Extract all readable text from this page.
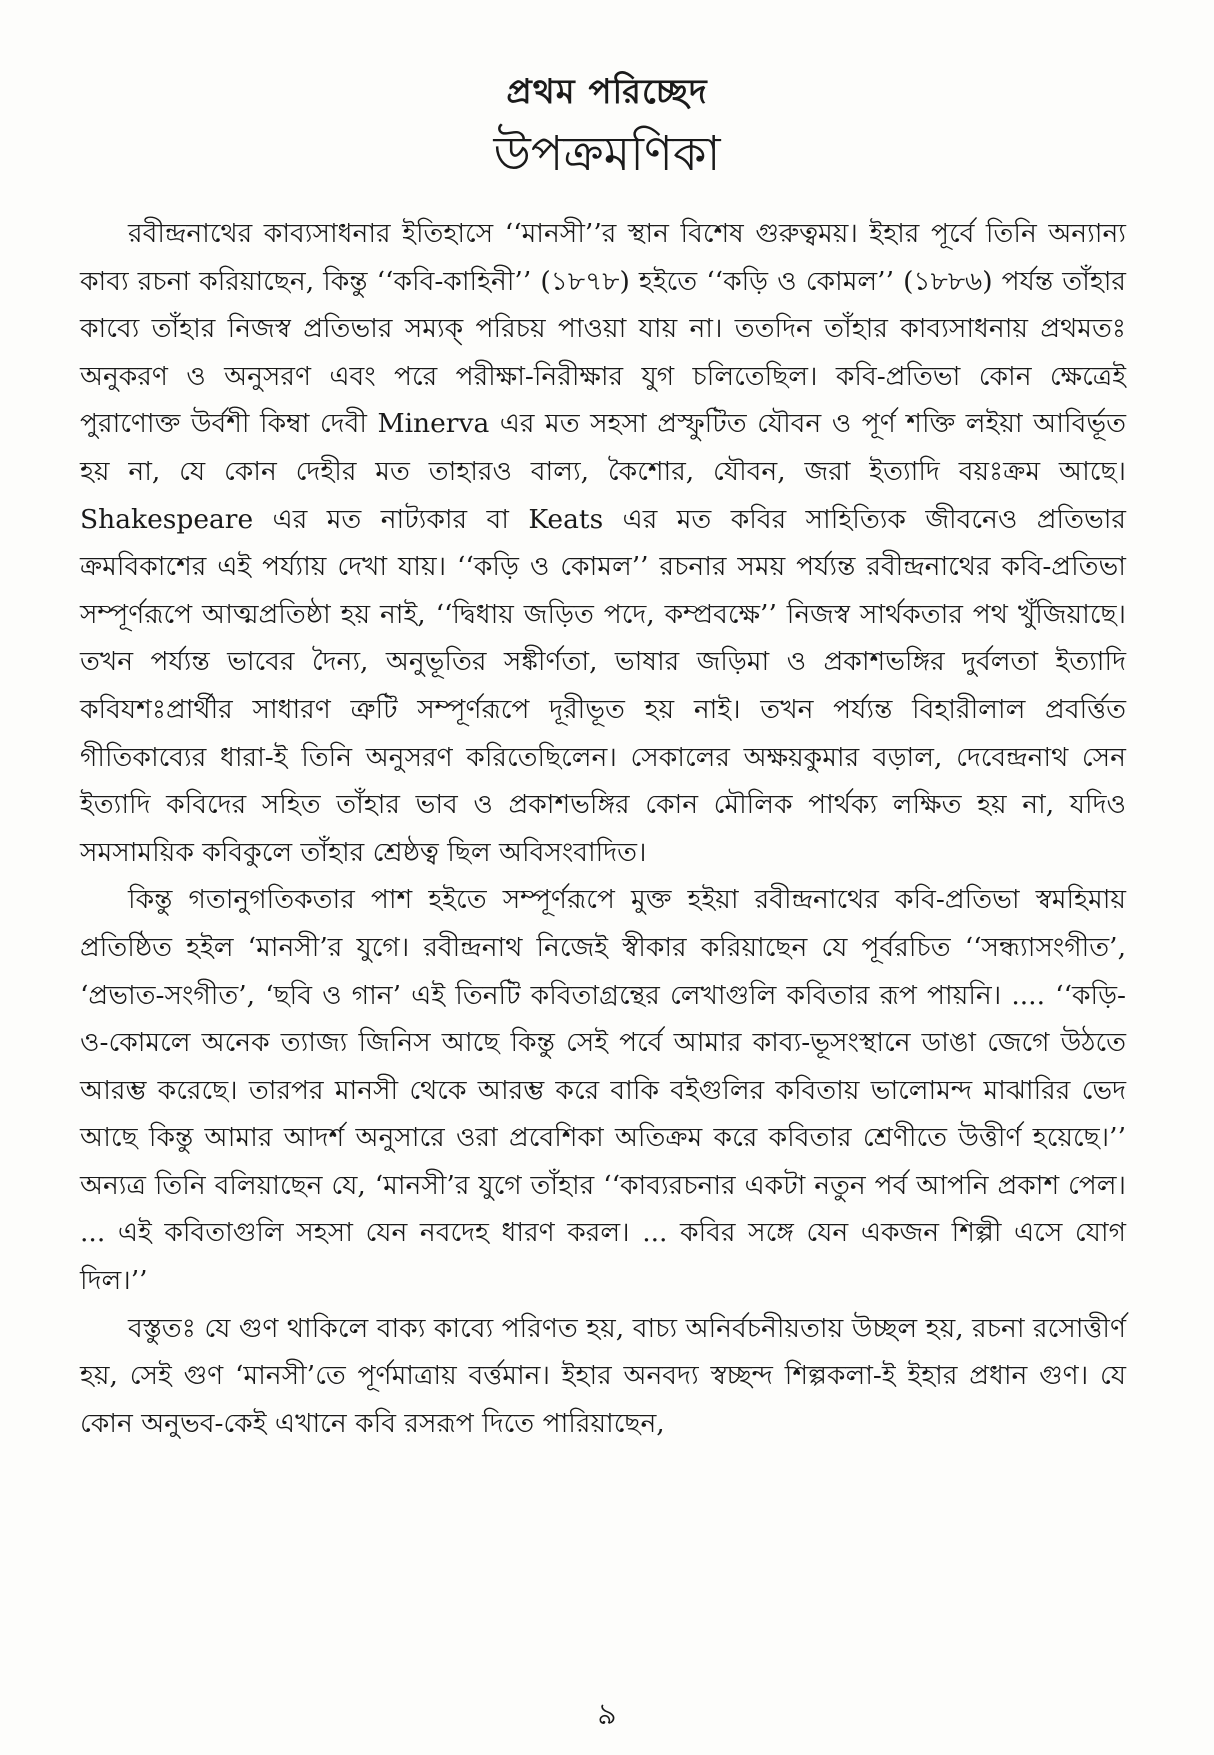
প্রথম পরিচ্ছেদ
উপক্রমণিকা

রবীন্দ্রনাথের কাব্যসাধনার ইতিহাসে ‘‘মানসী’’র স্থান বিশেষ গুরুত্বময়। ইহার পূর্বে তিনি অন্যান্য কাব্য রচনা করিয়াছেন, কিন্তু ‘‘কবি-কাহিনী’’ (১৮৭৮) হইতে ‘‘কড়ি ও কোমল’’ (১৮৮৬) পর্যন্ত তাঁহার কাব্যে তাঁহার নিজস্ব প্রতিভার সম্যক্ পরিচয় পাওয়া যায় না। ততদিন তাঁহার কাব্যসাধনায় প্রথমতঃ অনুকরণ ও অনুসরণ এবং পরে পরীক্ষা-নিরীক্ষার যুগ চলিতেছিল। কবি-প্রতিভা কোন ক্ষেত্রেই পুরাণোক্ত উর্বশী কিম্বা দেবী Minerva এর মত সহসা প্রস্ফুটিত যৌবন ও পূর্ণ শক্তি লইয়া আবির্ভূত হয় না, যে কোন দেহীর মত তাহারও বাল্য, কৈশোর, যৌবন, জরা ইত্যাদি বয়ঃক্রম আছে। Shakespeare এর মত নাট্যকার বা Keats এর মত কবির সাহিত্যিক জীবনেও প্রতিভার ক্রমবিকাশের এই পর্য্যায় দেখা যায়। ‘‘কড়ি ও কোমল’’ রচনার সময় পর্য্যন্ত রবীন্দ্রনাথের কবি-প্রতিভা সম্পূর্ণরূপে আত্মপ্রতিষ্ঠা হয় নাই, ‘‘দ্বিধায় জড়িত পদে, কম্প্রবক্ষে’’ নিজস্ব সার্থকতার পথ খুঁজিয়াছে। তখন পর্য্যন্ত ভাবের দৈন্য, অনুভূতির সঙ্কীর্ণতা, ভাষার জড়িমা ও প্রকাশভঙ্গির দুর্বলতা ইত্যাদি কবিযশঃপ্রার্থীর সাধারণ ত্রুটি সম্পূর্ণরূপে দূরীভূত হয় নাই। তখন পর্য্যন্ত বিহারীলাল প্রবর্ত্তিত গীতিকাব্যের ধারা-ই তিনি অনুসরণ করিতেছিলেন। সেকালের অক্ষয়কুমার বড়াল, দেবেন্দ্রনাথ সেন ইত্যাদি কবিদের সহিত তাঁহার ভাব ও প্রকাশভঙ্গির কোন মৌলিক পার্থক্য লক্ষিত হয় না, যদিও সমসাময়িক কবিকুলে তাঁহার শ্রেষ্ঠত্ব ছিল অবিসংবাদিত।

কিন্তু গতানুগতিকতার পাশ হইতে সম্পূর্ণরূপে মুক্ত হইয়া রবীন্দ্রনাথের কবি-প্রতিভা স্বমহিমায় প্রতিষ্ঠিত হইল ‘মানসী’র যুগে। রবীন্দ্রনাথ নিজেই স্বীকার করিয়াছেন যে পূর্বরচিত ‘‘সন্ধ্যাসংগীত’, ‘প্রভাত-সংগীত’, ‘ছবি ও গান’ এই তিনটি কবিতাগ্রন্থের লেখাগুলি কবিতার রূপ পায়নি। .... ‘‘কড়ি-ও-কোমলে অনেক ত্যাজ্য জিনিস আছে কিন্তু সেই পর্বে আমার কাব্য-ভূসংস্থানে ডাঙা জেগে উঠতে আরম্ভ করেছে। তারপর মানসী থেকে আরম্ভ করে বাকি বইগুলির কবিতায় ভালোমন্দ মাঝারির ভেদ আছে কিন্তু আমার আদর্শ অনুসারে ওরা প্রবেশিকা অতিক্রম করে কবিতার শ্রেণীতে উত্তীর্ণ হয়েছে।’’ অন্যত্র তিনি বলিয়াছেন যে, ‘মানসী’র যুগে তাঁহার ‘‘কাব্যরচনার একটা নতুন পর্ব আপনি প্রকাশ পেল। ... এই কবিতাগুলি সহসা যেন নবদেহ ধারণ করল। ... কবির সঙ্গে যেন একজন শিল্পী এসে যোগ দিল।’’

বস্তুতঃ যে গুণ থাকিলে বাক্য কাব্যে পরিণত হয়, বাচ্য অনির্বচনীয়তায় উচ্ছল হয়, রচনা রসোত্তীর্ণ হয়, সেই গুণ ‘মানসী’তে পূর্ণমাত্রায় বর্ত্তমান। ইহার অনবদ্য স্বচ্ছন্দ শিল্পকলা-ই ইহার প্রধান গুণ। যে কোন অনুভব-কেই এখানে কবি রসরূপ দিতে পারিয়াছেন,

৯
